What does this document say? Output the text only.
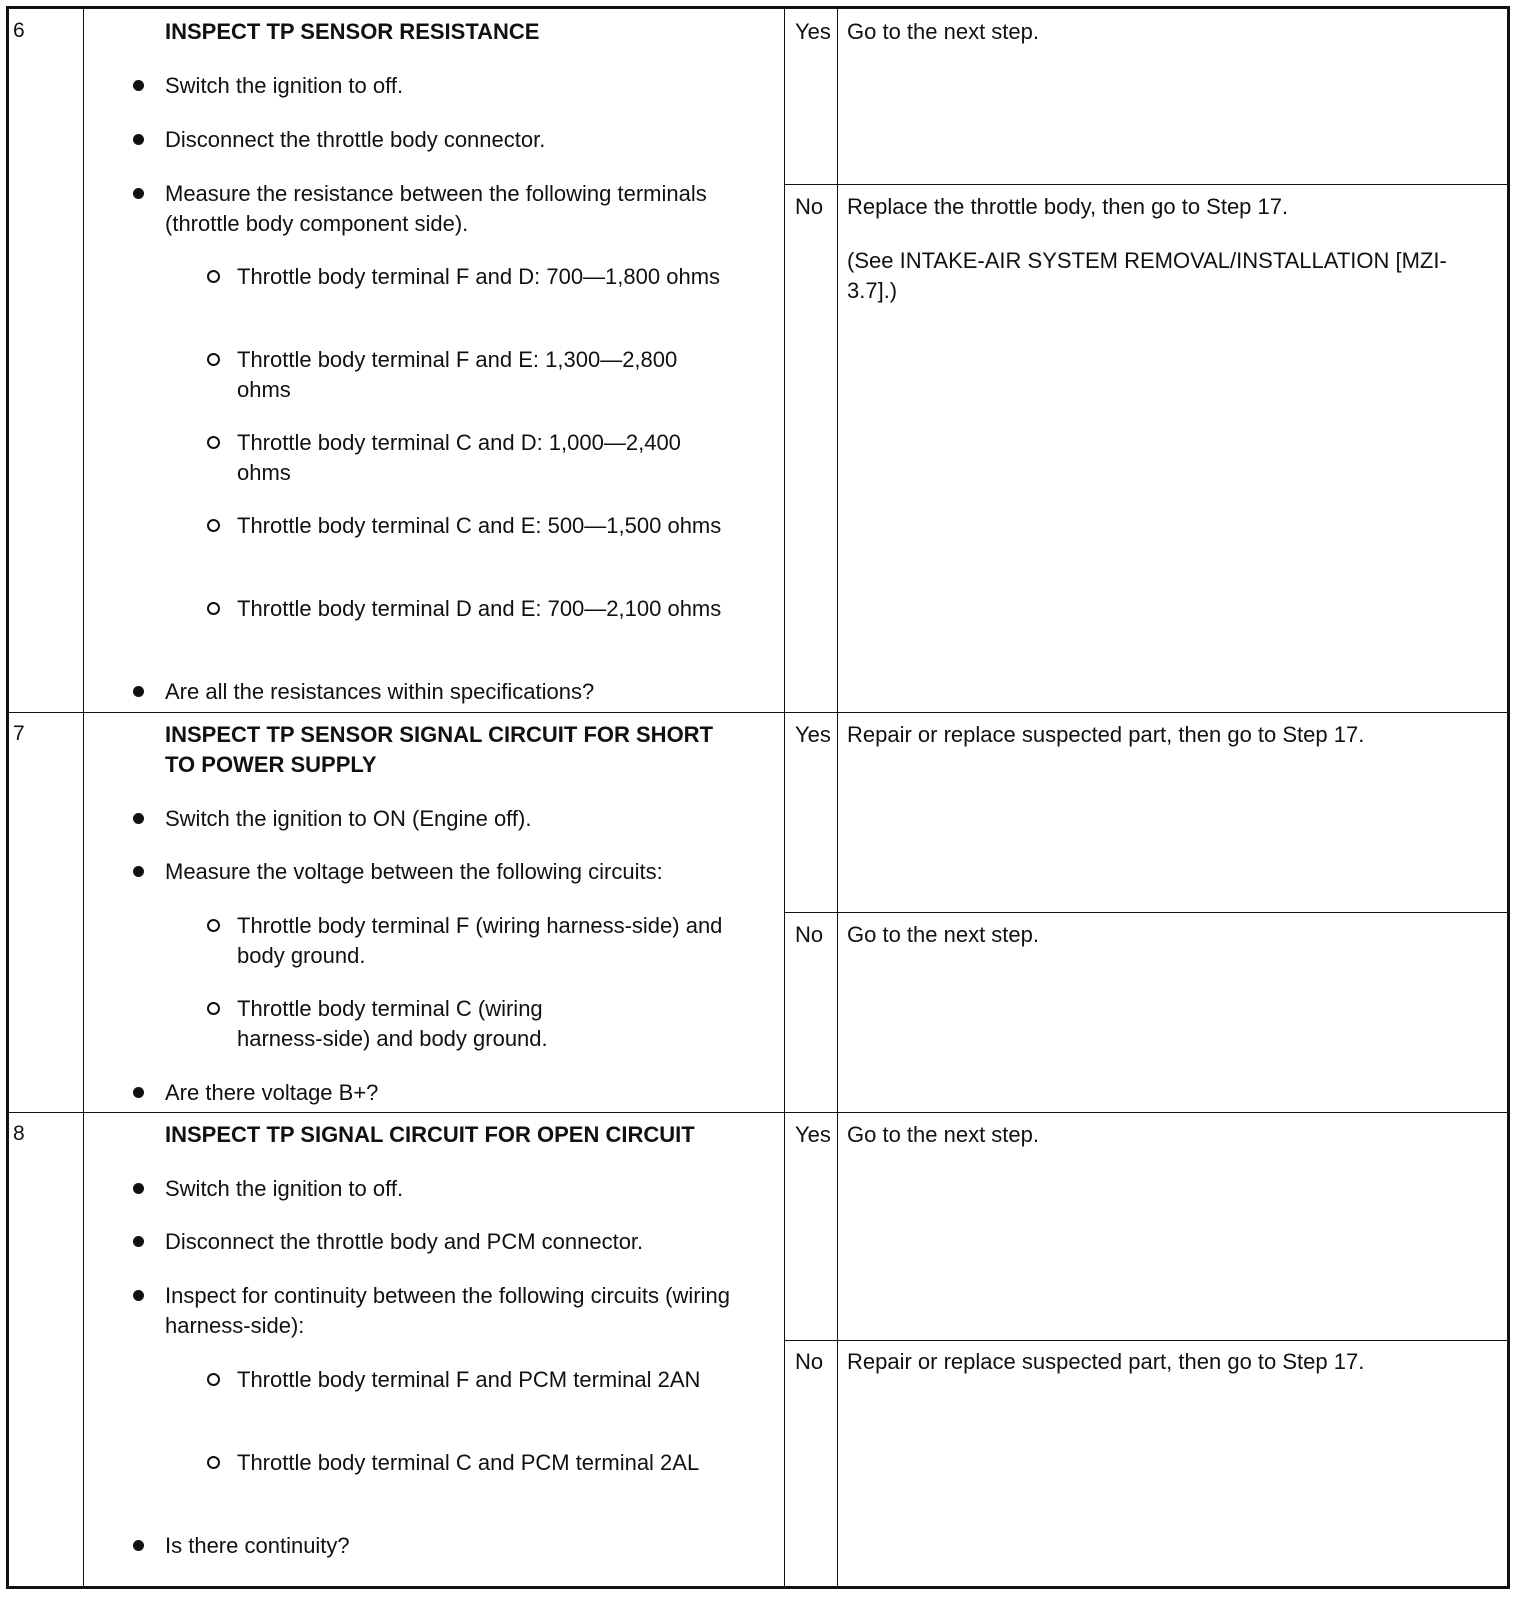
6	INSPECT TP SENSOR RESISTANCE
Switch the ignition to off.
Disconnect the throttle body connector.
Measure the resistance between the following terminals (throttle body component side).
Throttle body terminal F and D: 700—1,800 ohms
Throttle body terminal F and E: 1,300—2,800 ohms
Throttle body terminal C and D: 1,000—2,400 ohms
Throttle body terminal C and E: 500—1,500 ohms
Throttle body terminal D and E: 700—2,100 ohms
Are all the resistances within specifications?
Yes Go to the next step.
No Replace the throttle body, then go to Step 17.
(See INTAKE-AIR SYSTEM REMOVAL/INSTALLATION [MZI-3.7].)
7	INSPECT TP SENSOR SIGNAL CIRCUIT FOR SHORT TO POWER SUPPLY
Switch the ignition to ON (Engine off).
Measure the voltage between the following circuits:
Throttle body terminal F (wiring harness-side) and body ground.
Throttle body terminal C (wiring harness-side) and body ground.
Are there voltage B+?
Yes Repair or replace suspected part, then go to Step 17.
No Go to the next step.
8	INSPECT TP SIGNAL CIRCUIT FOR OPEN CIRCUIT
Switch the ignition to off.
Disconnect the throttle body and PCM connector.
Inspect for continuity between the following circuits (wiring harness-side):
Throttle body terminal F and PCM terminal 2AN
Throttle body terminal C and PCM terminal 2AL
Is there continuity?
Yes Go to the next step.
No Repair or replace suspected part, then go to Step 17.
